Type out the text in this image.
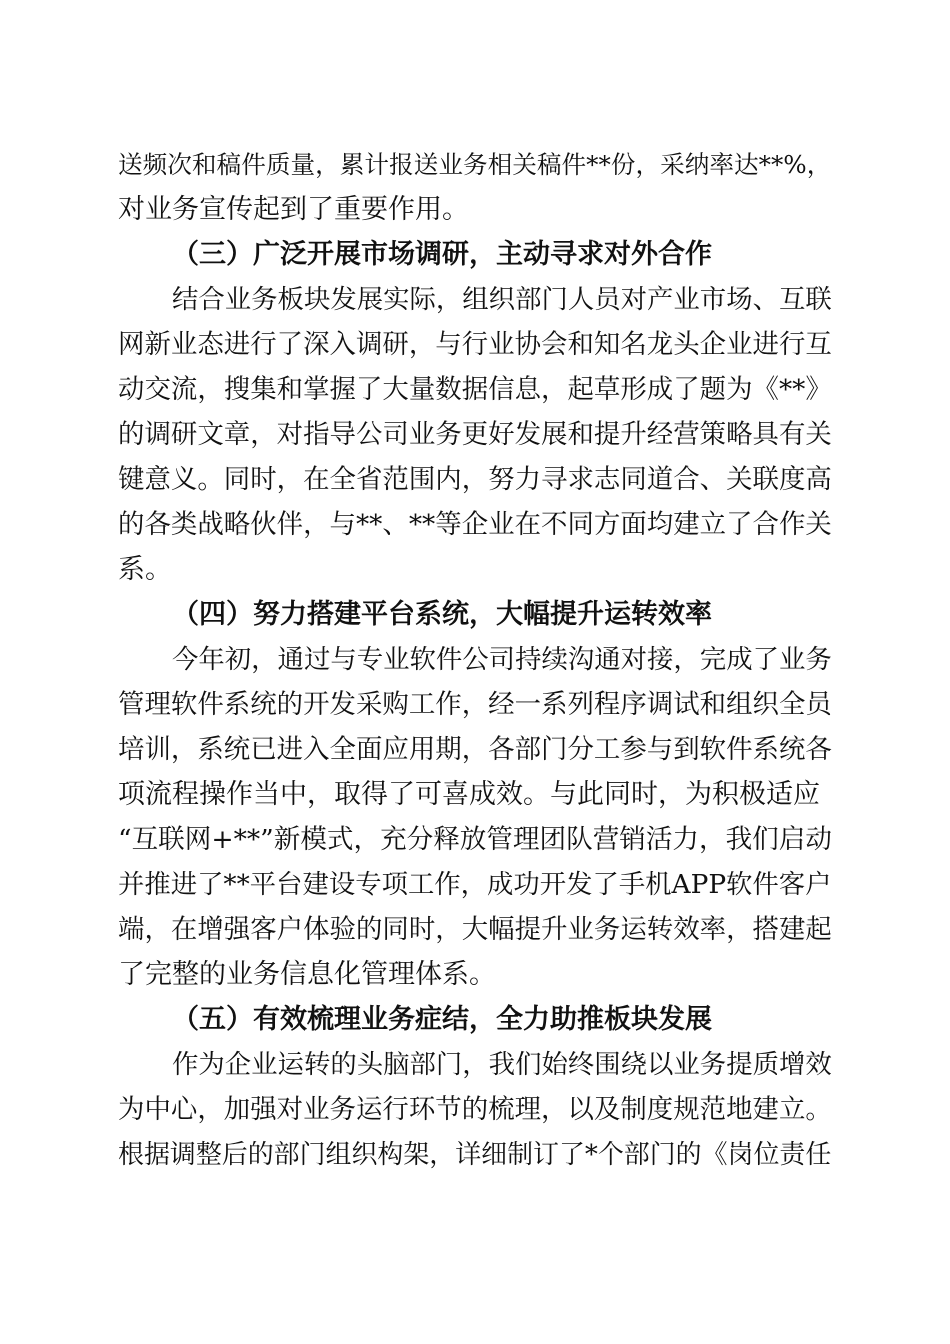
送频次和稿件质量，累计报送业务相关稿件**份，采纳率达**%，
对业务宣传起到了重要作用。
（三）广泛开展市场调研，主动寻求对外合作
结合业务板块发展实际，组织部门人员对产业市场、互联
网新业态进行了深入调研，与行业协会和知名龙头企业进行互
动交流，搜集和掌握了大量数据信息，起草形成了题为《**》
的调研文章，对指导公司业务更好发展和提升经营策略具有关
键意义。同时，在全省范围内，努力寻求志同道合、关联度高
的各类战略伙伴，与**、**等企业在不同方面均建立了合作关
系。
（四）努力搭建平台系统，大幅提升运转效率
今年初，通过与专业软件公司持续沟通对接，完成了业务
管理软件系统的开发采购工作，经一系列程序调试和组织全员
培训，系统已进入全面应用期，各部门分工参与到软件系统各
项流程操作当中，取得了可喜成效。与此同时，为积极适应
“互联网+**”新模式，充分释放管理团队营销活力，我们启动
并推进了**平台建设专项工作，成功开发了手机APP软件客户
端，在增强客户体验的同时，大幅提升业务运转效率，搭建起
了完整的业务信息化管理体系。
（五）有效梳理业务症结，全力助推板块发展
作为企业运转的头脑部门，我们始终围绕以业务提质增效
为中心，加强对业务运行环节的梳理，以及制度规范地建立。
根据调整后的部门组织构架，详细制订了*个部门的《岗位责任
